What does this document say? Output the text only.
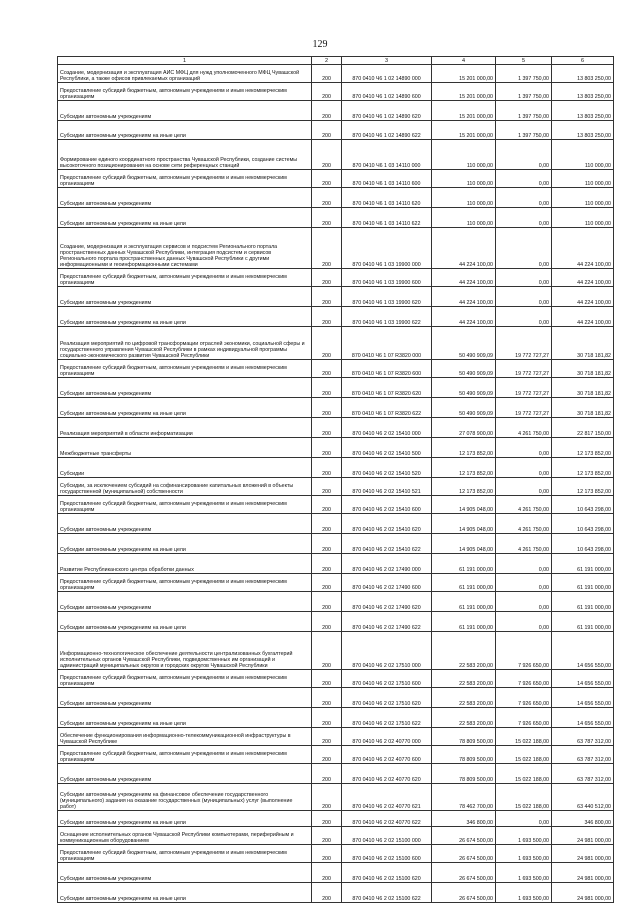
129
1	2	3	4	5	6
Создание, модернизация и эксплуатация АИС МФЦ для нужд уполномоченного МФЦ Чувашской Республики, а также офисов привлекаемых организаций	200	870 0410 Ч6 1 02 14890 000	15 201 000,00	1 397 750,00	13 803 250,00
Предоставление субсидий бюджетным, автономным учреждениям и иным некоммерческим организациям	200	870 0410 Ч6 1 02 14890 600	15 201 000,00	1 397 750,00	13 803 250,00
Субсидии автономным учреждениям	200	870 0410 Ч6 1 02 14890 620	15 201 000,00	1 397 750,00	13 803 250,00
Субсидии автономным учреждениям на иные цели	200	870 0410 Ч6 1 02 14890 622	15 201 000,00	1 397 750,00	13 803 250,00
Формирование единого координатного пространства Чувашской Республики, создание системы высокоточного позиционирования на основе сети референцных станций	200	870 0410 Ч6 1 03 14110 000	110 000,00	0,00	110 000,00
Предоставление субсидий бюджетным, автономным учреждениям и иным некоммерческим организациям	200	870 0410 Ч6 1 03 14110 600	110 000,00	0,00	110 000,00
Субсидии автономным учреждениям	200	870 0410 Ч6 1 03 14110 620	110 000,00	0,00	110 000,00
Субсидии автономным учреждениям на иные цели	200	870 0410 Ч6 1 03 14110 622	110 000,00	0,00	110 000,00
Создание, модернизация и эксплуатация сервисов и подсистем Регионального портала пространственных данных Чувашской Республики, интеграция подсистем и сервисов Регионального портала пространственных данных Чувашской Республики с другими информационными и геоинформационными системами	200	870 0410 Ч6 1 03 19900 000	44 224 100,00	0,00	44 224 100,00
Предоставление субсидий бюджетным, автономным учреждениям и иным некоммерческим организациям	200	870 0410 Ч6 1 03 19900 600	44 224 100,00	0,00	44 224 100,00
Субсидии автономным учреждениям	200	870 0410 Ч6 1 03 19900 620	44 224 100,00	0,00	44 224 100,00
Субсидии автономным учреждениям на иные цели	200	870 0410 Ч6 1 03 19900 622	44 224 100,00	0,00	44 224 100,00
Реализация мероприятий по цифровой трансформации отраслей экономики, социальной сферы и государственного управления Чувашской Республики в рамках индивидуальной программы социально-экономического развития Чувашской Республики	200	870 0410 Ч6 1 07 R3820 000	50 490 909,09	19 772 727,27	30 718 181,82
Предоставление субсидий бюджетным, автономным учреждениям и иным некоммерческим организациям	200	870 0410 Ч6 1 07 R3820 600	50 490 909,09	19 772 727,27	30 718 181,82
Субсидии автономным учреждениям	200	870 0410 Ч6 1 07 R3820 620	50 490 909,09	19 772 727,27	30 718 181,82
Субсидии автономным учреждениям на иные цели	200	870 0410 Ч6 1 07 R3820 622	50 490 909,09	19 772 727,27	30 718 181,82
Реализация мероприятий в области информатизации	200	870 0410 Ч6 2 02 15410 000	27 078 900,00	4 261 750,00	22 817 150,00
Межбюджетные трансферты	200	870 0410 Ч6 2 02 15410 500	12 173 852,00	0,00	12 173 852,00
Субсидии	200	870 0410 Ч6 2 02 15410 520	12 173 852,00	0,00	12 173 852,00
Субсидии, за исключением субсидий на софинансирование капитальных вложений в объекты государственной (муниципальной) собственности	200	870 0410 Ч6 2 02 15410 521	12 173 852,00	0,00	12 173 852,00
Предоставление субсидий бюджетным, автономным учреждениям и иным некоммерческим организациям	200	870 0410 Ч6 2 02 15410 600	14 905 048,00	4 261 750,00	10 643 298,00
Субсидии автономным учреждениям	200	870 0410 Ч6 2 02 15410 620	14 905 048,00	4 261 750,00	10 643 298,00
Субсидии автономным учреждениям на иные цели	200	870 0410 Ч6 2 02 15410 622	14 905 048,00	4 261 750,00	10 643 298,00
Развитие Республиканского центра обработки данных	200	870 0410 Ч6 2 02 17490 000	61 191 000,00	0,00	61 191 000,00
Предоставление субсидий бюджетным, автономным учреждениям и иным некоммерческим организациям	200	870 0410 Ч6 2 02 17490 600	61 191 000,00	0,00	61 191 000,00
Субсидии автономным учреждениям	200	870 0410 Ч6 2 02 17490 620	61 191 000,00	0,00	61 191 000,00
Субсидии автономным учреждениям на иные цели	200	870 0410 Ч6 2 02 17490 622	61 191 000,00	0,00	61 191 000,00
Информационно-технологическое обеспечение деятельности централизованных бухгалтерий исполнительных органов Чувашской Республики, подведомственных им организаций и администраций муниципальных округов и городских округов Чувашской Республики	200	870 0410 Ч6 2 02 17510 000	22 583 200,00	7 926 650,00	14 656 550,00
Предоставление субсидий бюджетным, автономным учреждениям и иным некоммерческим организациям	200	870 0410 Ч6 2 02 17510 600	22 583 200,00	7 926 650,00	14 656 550,00
Субсидии автономным учреждениям	200	870 0410 Ч6 2 02 17510 620	22 583 200,00	7 926 650,00	14 656 550,00
Субсидии автономным учреждениям на иные цели	200	870 0410 Ч6 2 02 17510 622	22 583 200,00	7 926 650,00	14 656 550,00
Обеспечение функционирования информационно-телекоммуникационной инфраструктуры в Чувашской Республике	200	870 0410 Ч6 2 02 40770 000	78 809 500,00	15 022 188,00	63 787 312,00
Предоставление субсидий бюджетным, автономным учреждениям и иным некоммерческим организациям	200	870 0410 Ч6 2 02 40770 600	78 809 500,00	15 022 188,00	63 787 312,00
Субсидии автономным учреждениям	200	870 0410 Ч6 2 02 40770 620	78 809 500,00	15 022 188,00	63 787 312,00
Субсидии автономным учреждениям на финансовое обеспечение государственного (муниципального) задания на оказание государственных (муниципальных) услуг (выполнение работ)	200	870 0410 Ч6 2 02 40770 621	78 462 700,00	15 022 188,00	63 440 512,00
Субсидии автономным учреждениям на иные цели	200	870 0410 Ч6 2 02 40770 622	346 800,00	0,00	346 800,00
Оснащение исполнительных органов Чувашской Республики компьютерами, периферийным и коммуникационным оборудованием	200	870 0410 Ч6 2 02 15100 000	26 674 500,00	1 693 500,00	24 981 000,00
Предоставление субсидий бюджетным, автономным учреждениям и иным некоммерческим организациям	200	870 0410 Ч6 2 02 15100 600	26 674 500,00	1 693 500,00	24 981 000,00
Субсидии автономным учреждениям	200	870 0410 Ч6 2 02 15100 620	26 674 500,00	1 693 500,00	24 981 000,00
Субсидии автономным учреждениям на иные цели	200	870 0410 Ч6 2 02 15100 622	26 674 500,00	1 693 500,00	24 981 000,00
